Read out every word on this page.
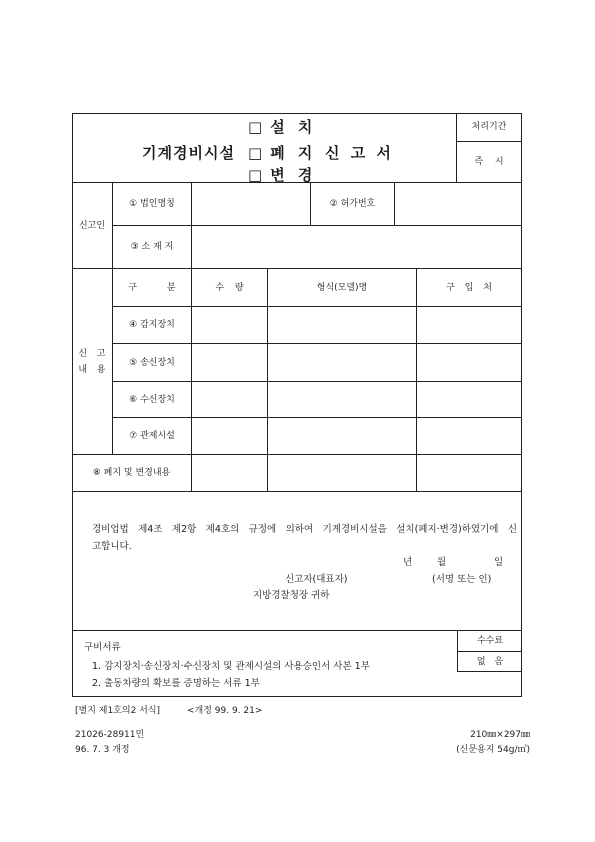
기계경비시설
□ 설 치
□ 폐 지
□ 변 경
신 고 서
처리기간
즉 시
신고인
① 법인명칭	② 허가번호
③ 소 재 지
신 고
내 용
구 분	수 량	형식(모델)명	구 입 처
④ 감지장치
⑤ 송신장치
⑥ 수신장치
⑦ 관제시설
⑧ 폐지 및 변경내용
경비업법 제4조 제2항 제4호의 규정에 의하여 기계경비시설을 설치(폐지·변경)하였기에 신
고합니다.
년	월	일
신고자(대표자)	(서명 또는 인)
지방경찰청장 귀하
구비서류
1. 감지장치·송신장치·수신장치 및 관제시설의 사용승인서 사본 1부
2. 출동차량의 확보를 증명하는 서류 1부
수수료
없 음
[별지 제1호의2 서식]	<개정 99. 9. 21>
21026-28911민	210㎜×297㎜
96. 7. 3 개정	(신문용지 54g/㎡)
